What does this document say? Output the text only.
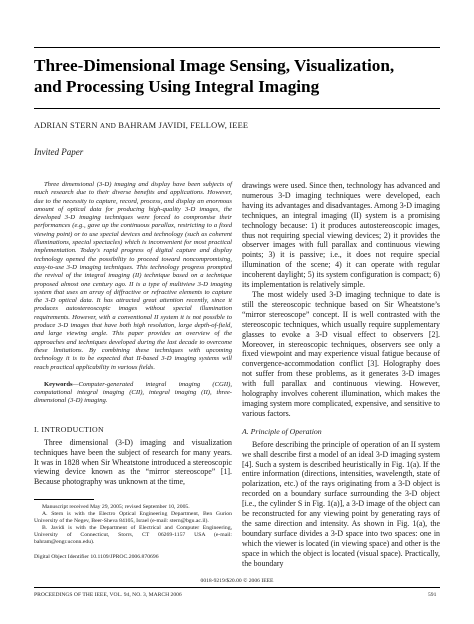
Three-Dimensional Image Sensing, Visualization,
and Processing Using Integral Imaging

ADRIAN STERN AND BAHRAM JAVIDI, FELLOW, IEEE

Invited Paper

Three dimensional (3-D) imaging and display have been subjects of much research due to their diverse benefits and applications. However, due to the necessity to capture, record, process, and display an enormous amount of optical data for producing high-quality 3-D images, the developed 3-D imaging techniques were forced to compromise their performances (e.g., gave up the continuous parallax, restricting to a fixed viewing point) or to use special devices and technology (such as coherent illuminations, special spectacles) which is inconvenient for most practical implementation. Today's rapid progress of digital capture and display technology opened the possibility to proceed toward noncompromising, easy-to-use 3-D imaging techniques. This technology progress prompted the revival of the integral imaging (II) technique based on a technique proposed almost one century ago. II is a type of multiview 3-D imaging system that uses an array of diffractive or refractive elements to capture the 3-D optical data. It has attracted great attention recently, since it produces autostereoscopic images without special illumination requirements. However, with a conventional II system it is not possible to produce 3-D images that have both high resolution, large depth-of-field, and large viewing angle. This paper provides an overview of the approaches and techniques developed during the last decade to overcome these limitations. By combining these techniques with upcoming technology it is to be expected that II-based 3-D imaging systems will reach practical applicability in various fields.

Keywords—Computer-generated integral imaging (CGII), computational integral imaging (CII), integral imaging (II), three-dimensional (3-D) imaging.

I. INTRODUCTION

Three dimensional (3-D) imaging and visualization techniques have been the subject of research for many years. It was in 1828 when Sir Wheatstone introduced a stereoscopic viewing device known as the “mirror stereoscope” [1]. Because photography was unknown at the time,

Manuscript received May 29, 2005; revised September 10, 2005.

A. Stern is with the Electro Optical Engineering Department, Ben Gurion University of the Negev, Beer-Sheva 84105, Israel (e-mail: stern@bgu.ac.il).

B. Javidi is with the Department of Electrical and Computer Engineering, University of Connecticut, Storrs, CT 06269-1157 USA (e-mail: bahram@engr.uconn.edu).

Digital Object Identifier 10.1109/JPROC.2006.870696

drawings were used. Since then, technology has advanced and numerous 3-D imaging techniques were developed, each having its advantages and disadvantages. Among 3-D imaging techniques, an integral imaging (II) system is a promising technology because: 1) it produces autostereoscopic images, thus not requiring special viewing devices; 2) it provides the observer images with full parallax and continuous viewing points; 3) it is passive; i.e., it does not require special illumination of the scene; 4) it can operate with regular incoherent daylight; 5) its system configuration is compact; 6) its implementation is relatively simple.

The most widely used 3-D imaging technique to date is still the stereoscopic technique based on Sir Wheatstone’s “mirror stereoscope” concept. II is well contrasted with the stereoscopic techniques, which usually require supplementary glasses to evoke a 3-D visual effect to observers [2]. Moreover, in stereoscopic techniques, observers see only a fixed viewpoint and may experience visual fatigue because of convergence-accommodation conflict [3]. Holography does not suffer from these problems, as it generates 3-D images with full parallax and continuous viewing. However, holography involves coherent illumination, which makes the imaging system more complicated, expensive, and sensitive to various factors.

A. Principle of Operation

Before describing the principle of operation of an II system we shall describe first a model of an ideal 3-D imaging system [4]. Such a system is described heuristically in Fig. 1(a). If the entire information (directions, intensities, wavelength, state of polarization, etc.) of the rays originating from a 3-D object is recorded on a boundary surface surrounding the 3-D object [i.e., the cylinder S in Fig. 1(a)], a 3-D image of the object can be reconstructed for any viewing point by generating rays of the same direction and intensity. As shown in Fig. 1(a), the boundary surface divides a 3-D space into two spaces: one in which the viewer is located (in viewing space) and other is the space in which the object is located (visual space). Practically, the boundary

0018-9219/$20.00 © 2006 IEEE

PROCEEDINGS OF THE IEEE, VOL. 94, NO. 3, MARCH 2006	591
